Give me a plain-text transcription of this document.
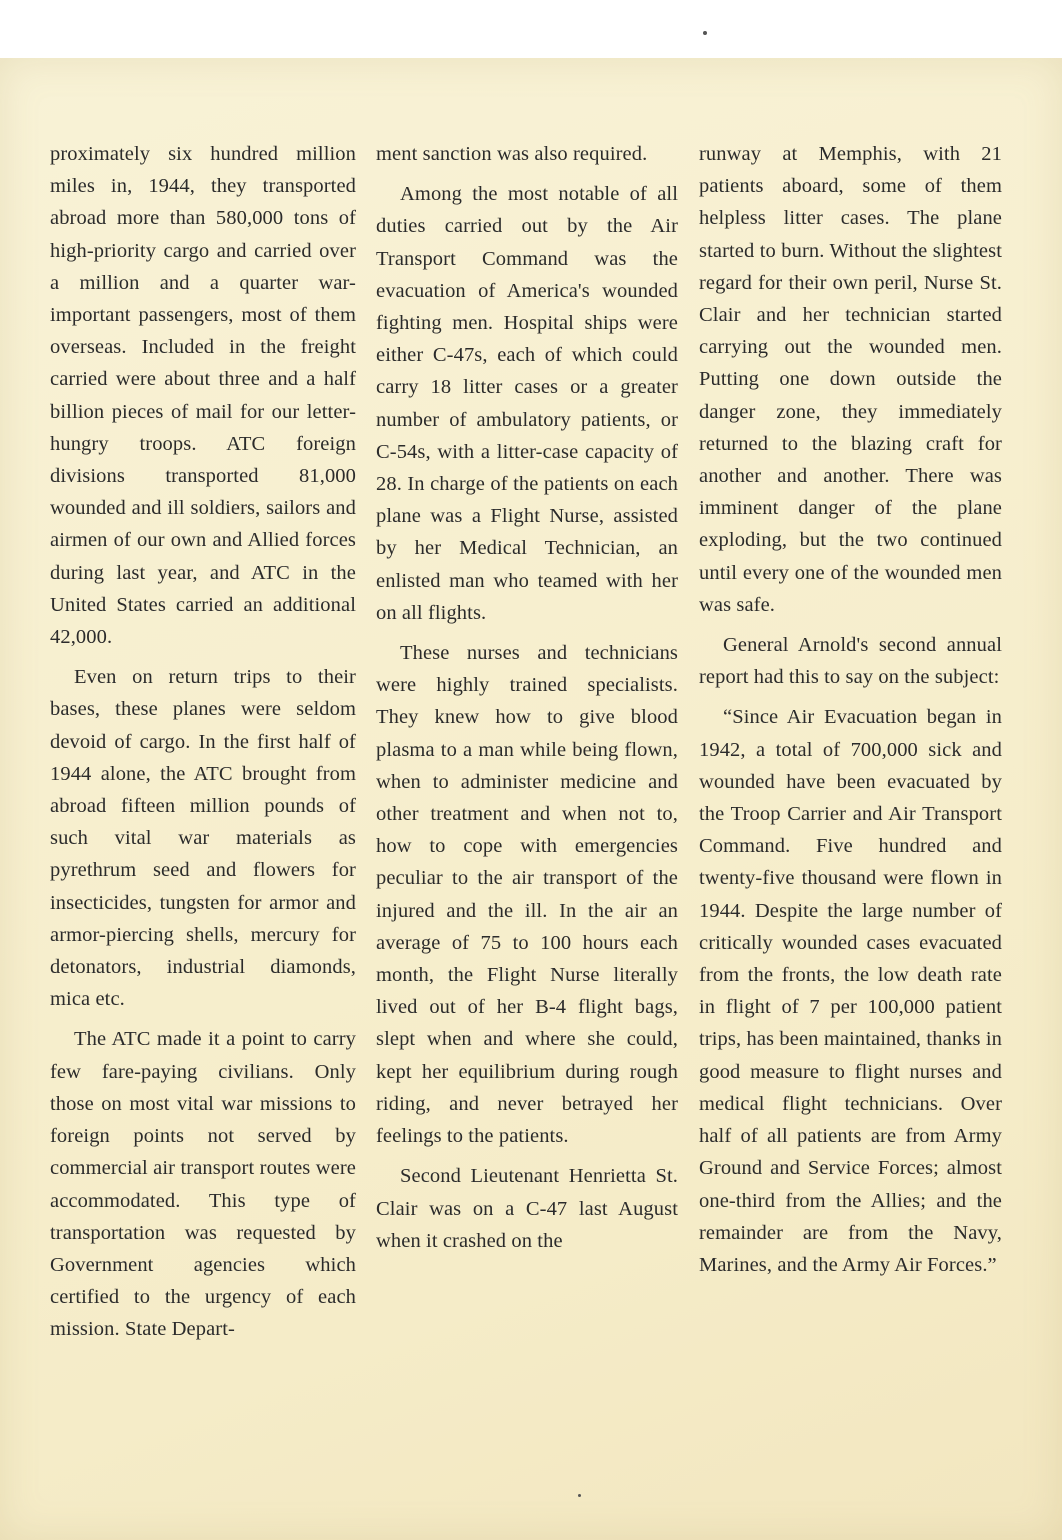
proximately six hundred million miles in, 1944, they transported abroad more than 580,000 tons of high-priority cargo and carried over a million and a quarter war-important passengers, most of them overseas. Included in the freight carried were about three and a half billion pieces of mail for our letter-hungry troops. ATC foreign divisions transported 81,000 wounded and ill soldiers, sailors and airmen of our own and Allied forces during last year, and ATC in the United States carried an additional 42,000.

Even on return trips to their bases, these planes were seldom devoid of cargo. In the first half of 1944 alone, the ATC brought from abroad fifteen million pounds of such vital war materials as pyrethrum seed and flowers for insecticides, tungsten for armor and armor-piercing shells, mercury for detonators, industrial diamonds, mica etc.

The ATC made it a point to carry few fare-paying civilians. Only those on most vital war missions to foreign points not served by commercial air transport routes were accommodated. This type of transportation was requested by Government agencies which certified to the urgency of each mission. State Depart-

ment sanction was also required.

Among the most notable of all duties carried out by the Air Transport Command was the evacuation of America's wounded fighting men. Hospital ships were either C-47s, each of which could carry 18 litter cases or a greater number of ambulatory patients, or C-54s, with a litter-case capacity of 28. In charge of the patients on each plane was a Flight Nurse, assisted by her Medical Technician, an enlisted man who teamed with her on all flights.

These nurses and technicians were highly trained specialists. They knew how to give blood plasma to a man while being flown, when to administer medicine and other treatment and when not to, how to cope with emergencies peculiar to the air transport of the injured and the ill. In the air an average of 75 to 100 hours each month, the Flight Nurse literally lived out of her B-4 flight bags, slept when and where she could, kept her equilibrium during rough riding, and never betrayed her feelings to the patients.

Second Lieutenant Henrietta St. Clair was on a C-47 last August when it crashed on the

runway at Memphis, with 21 patients aboard, some of them helpless litter cases. The plane started to burn. Without the slightest regard for their own peril, Nurse St. Clair and her technician started carrying out the wounded men. Putting one down outside the danger zone, they immediately returned to the blazing craft for another and another. There was imminent danger of the plane exploding, but the two continued until every one of the wounded men was safe.

General Arnold's second annual report had this to say on the subject:

“Since Air Evacuation began in 1942, a total of 700,000 sick and wounded have been evacuated by the Troop Carrier and Air Transport Command. Five hundred and twenty-five thousand were flown in 1944. Despite the large number of critically wounded cases evacuated from the fronts, the low death rate in flight of 7 per 100,000 patient trips, has been maintained, thanks in good measure to flight nurses and medical flight technicians. Over half of all patients are from Army Ground and Service Forces; almost one-third from the Allies; and the remainder are from the Navy, Marines, and the Army Air Forces.”
